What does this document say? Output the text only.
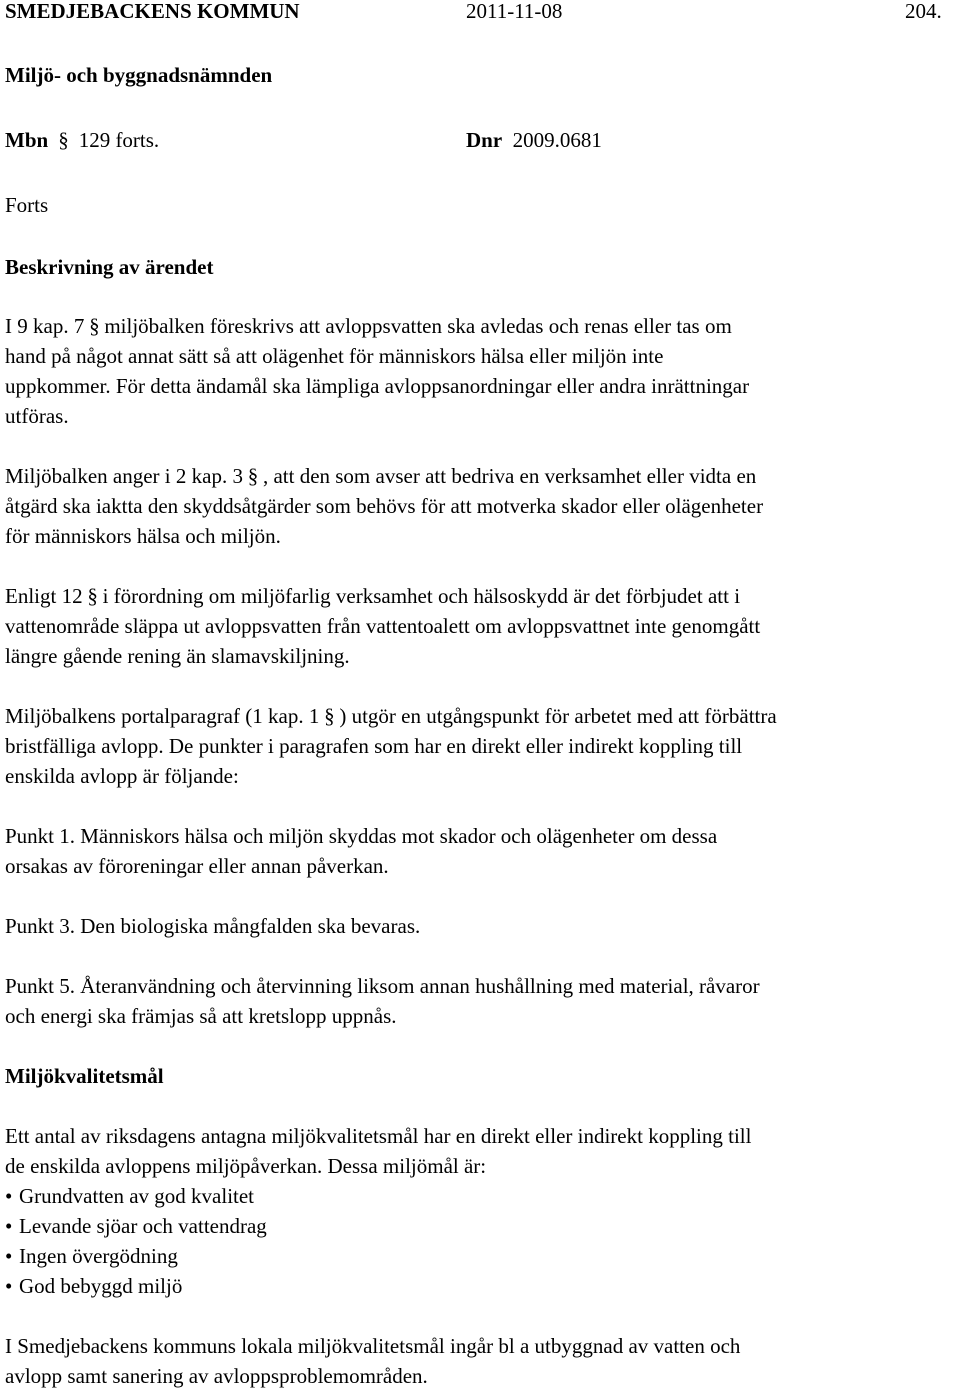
SMEDJEBACKENS KOMMUN	2011-11-08	204.
Miljö- och byggnadsnämnden
Mbn § 129 forts.	Dnr 2009.0681
Forts
Beskrivning av ärendet
I 9 kap. 7 § miljöbalken föreskrivs att avloppsvatten ska avledas och renas eller tas om
hand på något annat sätt så att olägenhet för människors hälsa eller miljön inte
uppkommer. För detta ändamål ska lämpliga avloppsanordningar eller andra inrättningar
utföras.
Miljöbalken anger i 2 kap. 3 § , att den som avser att bedriva en verksamhet eller vidta en
åtgärd ska iaktta den skyddsåtgärder som behövs för att motverka skador eller olägenheter
för människors hälsa och miljön.
Enligt 12 § i förordning om miljöfarlig verksamhet och hälsoskydd är det förbjudet att i
vattenområde släppa ut avloppsvatten från vattentoalett om avloppsvattnet inte genomgått
längre gående rening än slamavskiljning.
Miljöbalkens portalparagraf (1 kap. 1 § ) utgör en utgångspunkt för arbetet med att förbättra
bristfälliga avlopp. De punkter i paragrafen som har en direkt eller indirekt koppling till
enskilda avlopp är följande:
Punkt 1. Människors hälsa och miljön skyddas mot skador och olägenheter om dessa
orsakas av föroreningar eller annan påverkan.
Punkt 3. Den biologiska mångfalden ska bevaras.
Punkt 5. Återanvändning och återvinning liksom annan hushållning med material, råvaror
och energi ska främjas så att kretslopp uppnås.
Miljökvalitetsmål
Ett antal av riksdagens antagna miljökvalitetsmål har en direkt eller indirekt koppling till
de enskilda avloppens miljöpåverkan. Dessa miljömål är:
• Grundvatten av god kvalitet
• Levande sjöar och vattendrag
• Ingen övergödning
• God bebyggd miljö
I Smedjebackens kommuns lokala miljökvalitetsmål ingår bl a utbyggnad av vatten och
avlopp samt sanering av avloppsproblemområden.
